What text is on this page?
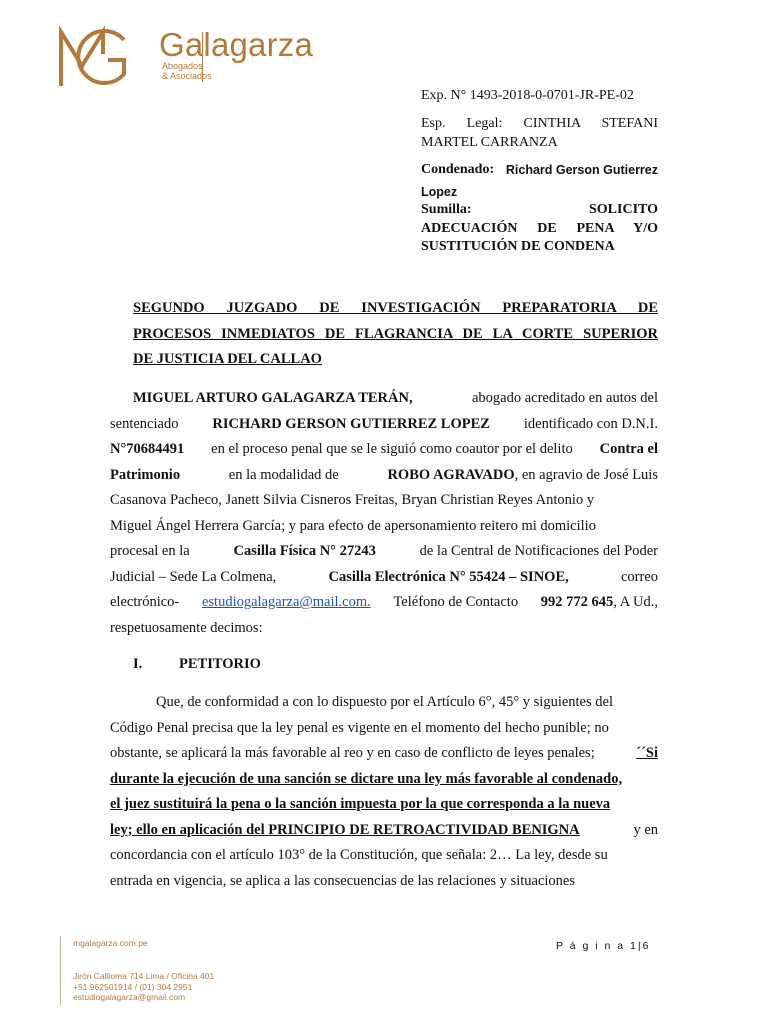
Galagarza
Abogados
& Asociados
Exp. N° 1493-2018-0-0701-JR-PE-02
Esp. Legal: CINTHIA STEFANI
MARTEL CARRANZA
Condenado: Richard Gerson Gutierrez
Lopez
Sumilla:	SOLICITO
ADECUACIÓN DE PENA Y/O
SUSTITUCIÓN DE CONDENA
SEGUNDO JUZGADO DE INVESTIGACIÓN PREPARATORIA DE
PROCESOS INMEDIATOS DE FLAGRANCIA DE LA CORTE SUPERIOR
DE JUSTICIA DEL CALLAO
MIGUEL ARTURO GALAGARZA TERÁN,	abogado acreditado en autos del
sentenciado RICHARD GERSON GUTIERREZ LOPEZ identificado con D.N.I.
N°70684491 en el proceso penal que se le siguió como coautor por el delito Contra el
Patrimonio	en la modalidad de	ROBO AGRAVADO, en agravio de José Luis
Casanova Pacheco, Janett Silvia Cisneros Freitas, Bryan Christian Reyes Antonio y
Miguel Ángel Herrera García; y para efecto de apersonamiento reitero mi domicilio
procesal en la	Casilla Física N° 27243	de la Central de Notificaciones del Poder
Judicial – Sede La Colmena,	Casilla Electrónica N° 55424 – SINOE,	correo
electrónico- estudiogalagarza@mail.com. Teléfono de Contacto 992 772 645, A Ud.,
respetuosamente decimos:
I.	PETITORIO
Que, de conformidad a con lo dispuesto por el Artículo 6°, 45° y siguientes del
Código Penal precisa que la ley penal es vigente en el momento del hecho punible; no
obstante, se aplicará la más favorable al reo y en caso de conflicto de leyes penales;	´´Si
durante la ejecución de una sanción se dictare una ley más favorable al condenado,
el juez sustituirá la pena o la sanción impuesta por la que corresponda a la nueva
ley; ello en aplicación del PRINCIPIO DE RETROACTIVIDAD BENIGNA	y en
concordancia con el artículo 103° de la Constitución, que señala: 2… La ley, desde su
entrada en vigencia, se aplica a las consecuencias de las relaciones y situaciones
mgalagarza.com.pe
Jirón Callioma 714 Lima / Oficina 401
+51 962501914 / (01) 304 2951
estudiogalagarza@gmail.com
P á g i n a 1|6
